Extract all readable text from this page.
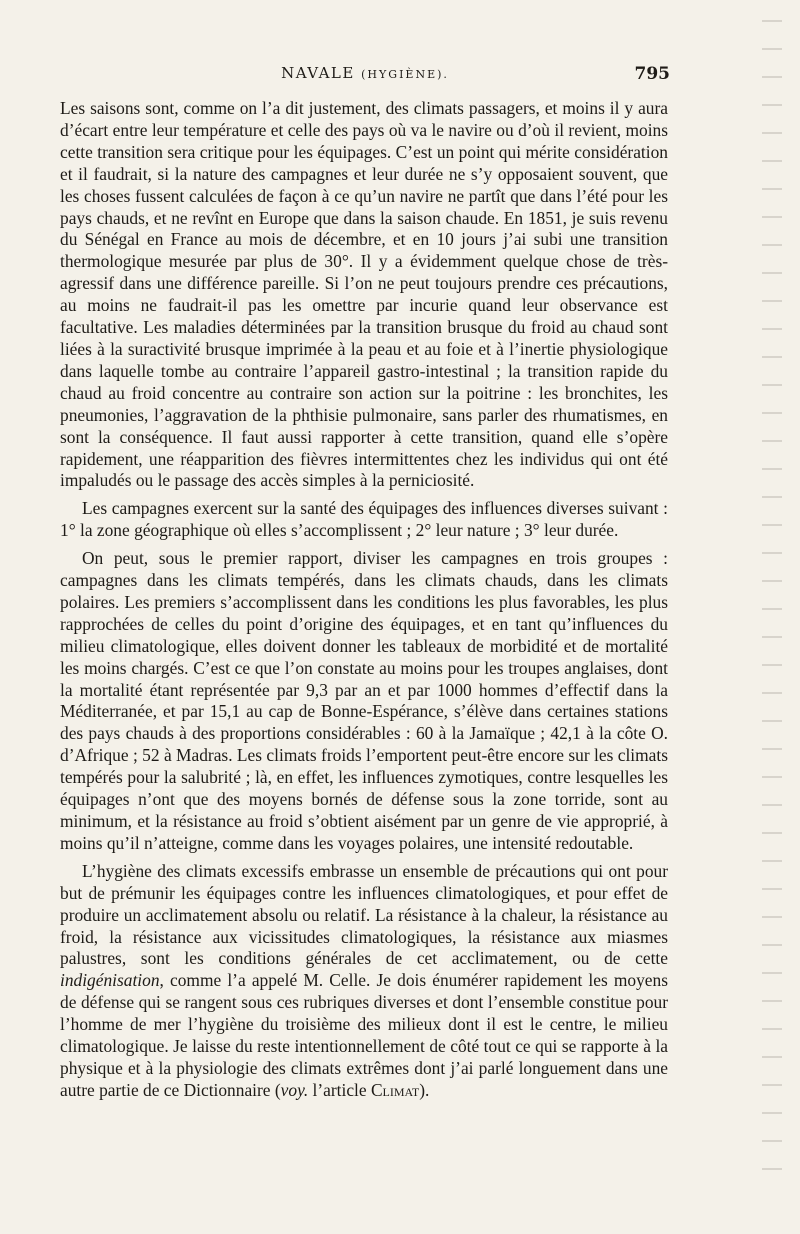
NAVALE (HYGIÈNE).	795

Les saisons sont, comme on l’a dit justement, des climats passagers, et moins il y aura d’écart entre leur température et celle des pays où va le navire ou d’où il revient, moins cette transition sera critique pour les équipages. C’est un point qui mérite considération et il faudrait, si la nature des campagnes et leur durée ne s’y opposaient souvent, que les choses fussent calculées de façon à ce qu’un navire ne partît que dans l’été pour les pays chauds, et ne revînt en Europe que dans la saison chaude. En 1851, je suis revenu du Sénégal en France au mois de décembre, et en 10 jours j’ai subi une transition thermologique mesurée par plus de 30°. Il y a évidemment quelque chose de très-agressif dans une différence pareille. Si l’on ne peut toujours prendre ces précautions, au moins ne faudrait-il pas les omettre par incurie quand leur observance est facultative. Les maladies déterminées par la transition brusque du froid au chaud sont liées à la suractivité brusque imprimée à la peau et au foie et à l’inertie physiologique dans laquelle tombe au contraire l’appareil gastro-intestinal ; la transition rapide du chaud au froid concentre au contraire son action sur la poitrine : les bronchites, les pneumonies, l’aggravation de la phthisie pulmonaire, sans parler des rhumatismes, en sont la conséquence. Il faut aussi rapporter à cette transition, quand elle s’opère rapidement, une réapparition des fièvres intermittentes chez les individus qui ont été impaludés ou le passage des accès simples à la perniciosité.

Les campagnes exercent sur la santé des équipages des influences diverses suivant : 1° la zone géographique où elles s’accomplissent ; 2° leur nature ; 3° leur durée.

On peut, sous le premier rapport, diviser les campagnes en trois groupes : campagnes dans les climats tempérés, dans les climats chauds, dans les climats polaires. Les premiers s’accomplissent dans les conditions les plus favorables, les plus rapprochées de celles du point d’origine des équipages, et en tant qu’influences du milieu climatologique, elles doivent donner les tableaux de morbidité et de mortalité les moins chargés. C’est ce que l’on constate au moins pour les troupes anglaises, dont la mortalité étant représentée par 9,3 par an et par 1000 hommes d’effectif dans la Méditerranée, et par 15,1 au cap de Bonne-Espérance, s’élève dans certaines stations des pays chauds à des proportions considérables : 60 à la Jamaïque ; 42,1 à la côte O. d’Afrique ; 52 à Madras. Les climats froids l’emportent peut-être encore sur les climats tempérés pour la salubrité ; là, en effet, les influences zymotiques, contre lesquelles les équipages n’ont que des moyens bornés de défense sous la zone torride, sont au minimum, et la résistance au froid s’obtient aisément par un genre de vie approprié, à moins qu’il n’atteigne, comme dans les voyages polaires, une intensité redoutable.

L’hygiène des climats excessifs embrasse un ensemble de précautions qui ont pour but de prémunir les équipages contre les influences climatologiques, et pour effet de produire un acclimatement absolu ou relatif. La résistance à la chaleur, la résistance au froid, la résistance aux vicissitudes climatologiques, la résistance aux miasmes palustres, sont les conditions générales de cet acclimatement, ou de cette indigénisation, comme l’a appelé M. Celle. Je dois énumérer rapidement les moyens de défense qui se rangent sous ces rubriques diverses et dont l’ensemble constitue pour l’homme de mer l’hygiène du troisième des milieux dont il est le centre, le milieu climatologique. Je laisse du reste intentionnellement de côté tout ce qui se rapporte à la physique et à la physiologie des climats extrêmes dont j’ai parlé longuement dans une autre partie de ce Dictionnaire (voy. l’article Climat).
